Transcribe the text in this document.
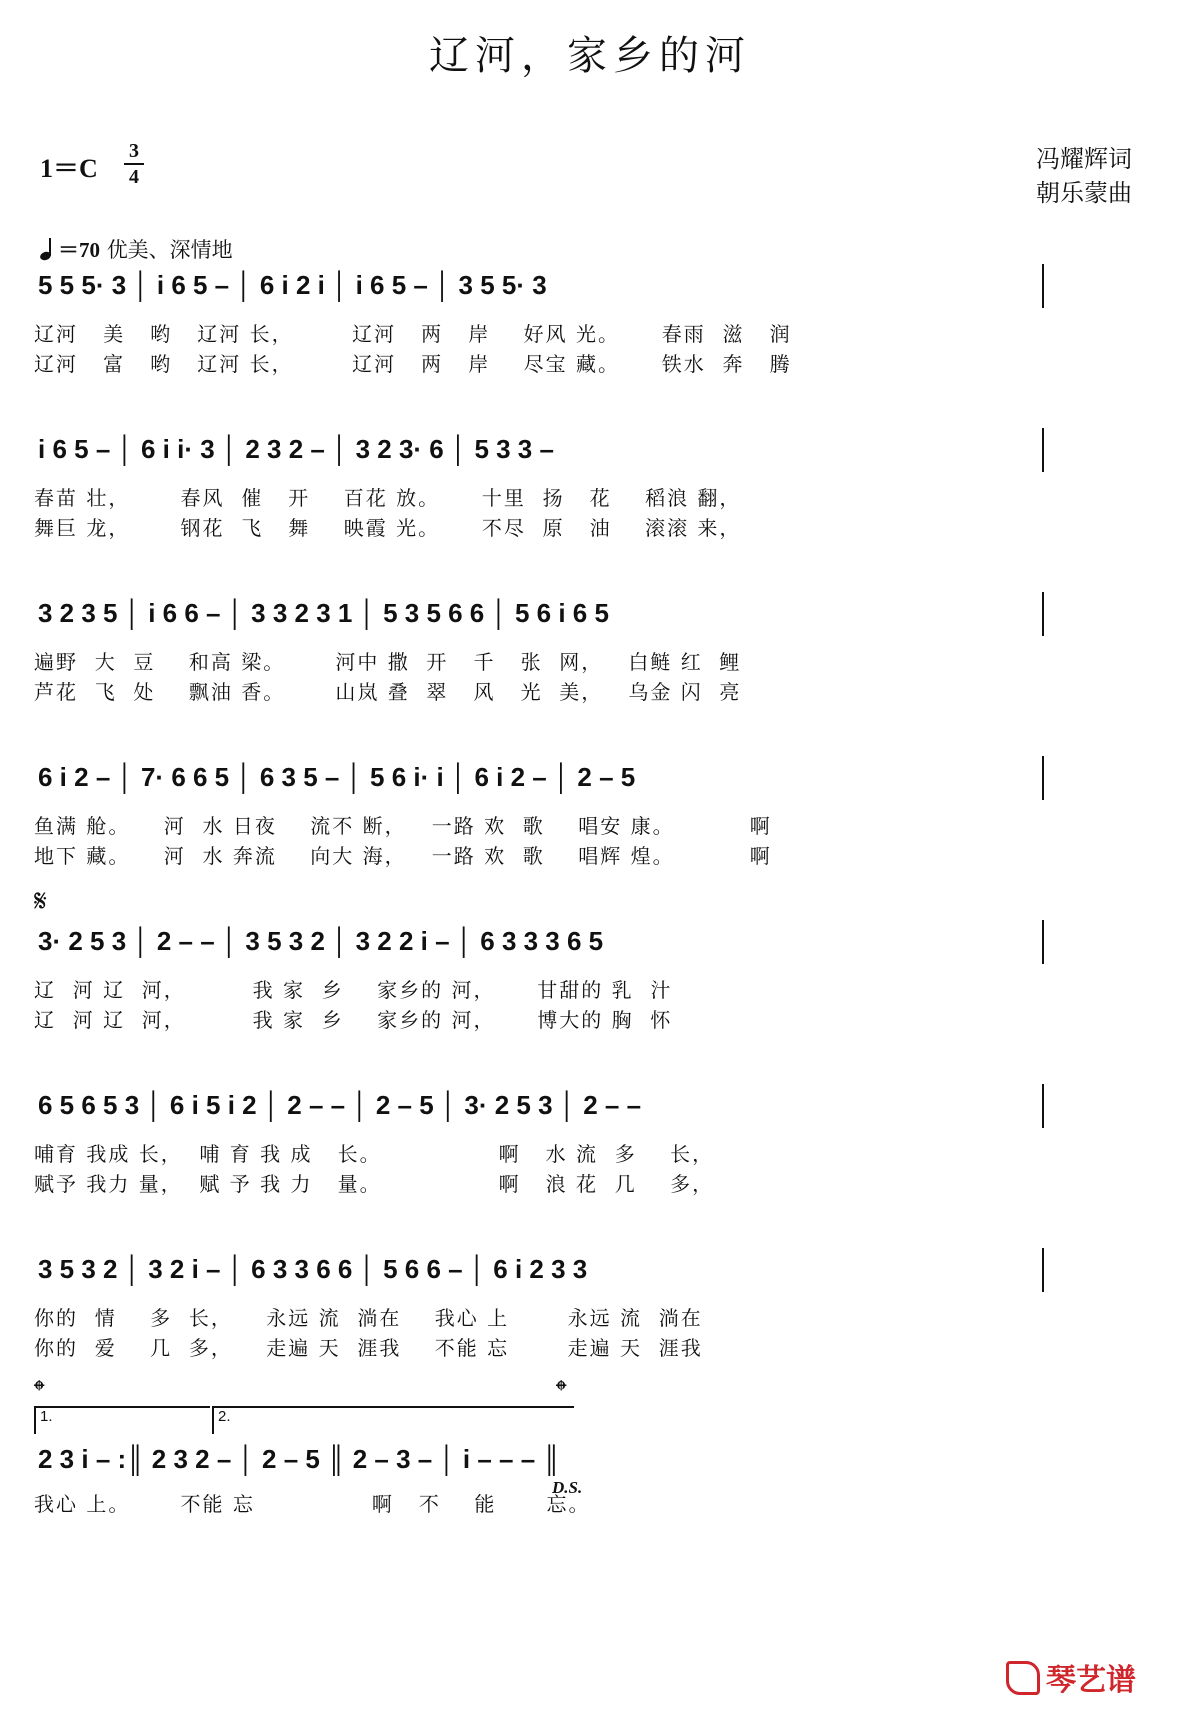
辽河，家乡的河
1＝C
3
4
冯耀辉词
朝乐蒙曲
＝70 优美、深情地
5 5 5· 3 │ i 6 5 – │ 6 i 2 i │ i 6 5 – │ 3 5 5· 3
辽河   美   哟   辽河 长，       辽河   两   岸    好风 光。     春雨  滋   润
辽河   富   哟   辽河 长，       辽河   两   岸    尽宝 藏。     铁水  奔   腾
i 6 5 – │ 6 i i· 3 │ 2 3 2 – │ 3 2 3· 6 │ 5 3 3 –
春苗 壮，      春风  催   开    百花 放。     十里  扬   花    稻浪 翻，
舞巨 龙，      钢花  飞   舞    映霞 光。     不尽  原   油    滚滚 来，
3 2 3 5 │ i 6 6 – │ 3 3 2 3 1 │ 5 3 5 6 6 │ 5 6 i 6 5
遍野  大  豆    和高 梁。      河中 撒  开   千   张  网，   白鲢 红  鲤
芦花  飞  处    飘油 香。      山岚 叠  翠   风   光  美，   乌金 闪  亮
6 i 2 – │ 7· 6 6 5 │ 6 3 5 – │ 5 6 i· i │ 6 i 2 – │ 2 – 5
鱼满 舱。    河  水 日夜    流不 断，   一路 欢  歌    唱安 康。         啊
地下 藏。    河  水 奔流    向大 海，   一路 欢  歌    唱辉 煌。         啊
𝄋
3· 2 5 3 │ 2 – – │ 3 5 3 2 │ 3 2 2 i – │ 6 3 3 3 6 5
辽  河 辽  河，        我 家  乡    家乡的 河，     甘甜的 乳  汁
辽  河 辽  河，        我 家  乡    家乡的 河，     博大的 胸  怀
6 5 6 5 3 │ 6 i 5 i 2 │ 2 – – │ 2 – 5 │ 3· 2 5 3 │ 2 – –
哺育 我成 长，  哺 育 我 成   长。              啊   水 流  多    长，
赋予 我力 量，  赋 予 我 力   量。              啊   浪 花  几    多，
3 5 3 2 │ 3 2 i – │ 6 3 3 6 6 │ 5 6 6 – │ 6 i 2 3 3
你的  情    多  长，    永远 流  淌在    我心 上       永远 流  淌在
你的  爱    几  多，    走遍 天  涯我    不能 忘       走遍 天  涯我
𝄌	𝄌
1.	2.
2 3 i – :║ 2 3 2 – │ 2 – 5 ║ 2 – 3 – │ i – – – ║
D.S.
我心 上。      不能 忘              啊   不    能      忘。
琴艺谱
